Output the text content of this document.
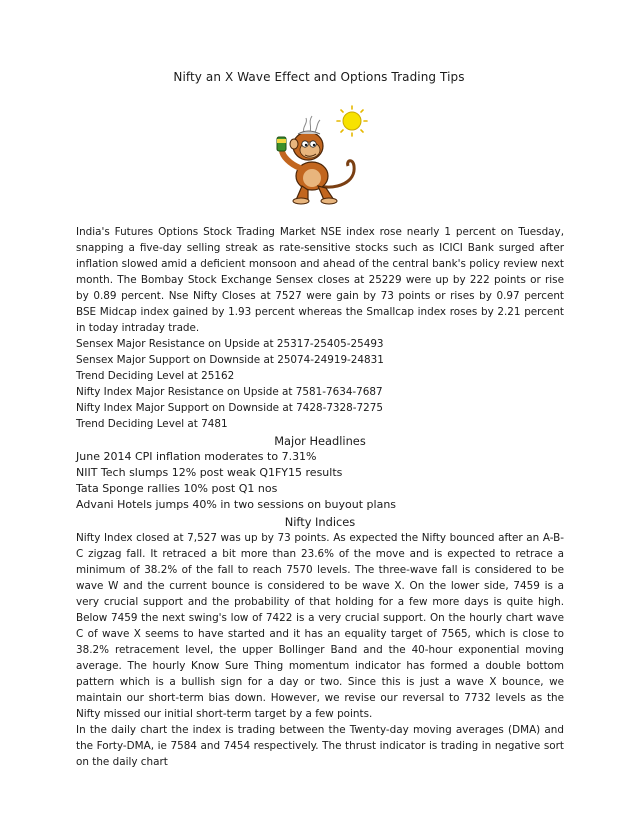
Nifty an X Wave Effect and Options Trading Tips

India's Futures Options Stock Trading Market NSE index rose nearly 1 percent on Tuesday, snapping a five-day selling streak as rate-sensitive stocks such as ICICI Bank surged after inflation slowed amid a deficient monsoon and ahead of the central bank's policy review next month. The Bombay Stock Exchange Sensex closes at 25229 were up by 222 points or rise by 0.89 percent. Nse Nifty Closes at 7527 were gain by 73 points or rises by 0.97 percent BSE Midcap index gained by 1.93 percent whereas the Smallcap index roses by 2.21 percent in today intraday trade.

Sensex Major Resistance on Upside at 25317-25405-25493
Sensex Major Support on Downside at 25074-24919-24831
Trend Deciding Level at 25162
Nifty Index Major Resistance on Upside at 7581-7634-7687
Nifty Index Major Support on Downside at 7428-7328-7275
Trend Deciding Level at 7481
Major Headlines
June 2014 CPI inflation moderates to 7.31%
NIIT Tech slumps 12% post weak Q1FY15 results
Tata Sponge rallies 10% post Q1 nos
Advani Hotels jumps 40% in two sessions on buyout plans
Nifty Indices

Nifty Index closed at 7,527 was up by 73 points. As expected the Nifty bounced after an A-B-C zigzag fall. It retraced a bit more than 23.6% of the move and is expected to retrace a minimum of 38.2% of the fall to reach 7570 levels. The three-wave fall is considered to be wave W and the current bounce is considered to be wave X. On the lower side, 7459 is a very crucial support and the probability of that holding for a few more days is quite high. Below 7459 the next swing's low of 7422 is a very crucial support. On the hourly chart wave C of wave X seems to have started and it has an equality target of 7565, which is close to 38.2% retracement level, the upper Bollinger Band and the 40-hour exponential moving average. The hourly Know Sure Thing momentum indicator has formed a double bottom pattern which is a bullish sign for a day or two. Since this is just a wave X bounce, we maintain our short-term bias down. However, we revise our reversal to 7732 levels as the Nifty missed our initial short-term target by a few points.

In the daily chart the index is trading between the Twenty-day moving averages (DMA) and the Forty-DMA, ie 7584 and 7454 respectively. The thrust indicator is trading in negative sort on the daily chart
